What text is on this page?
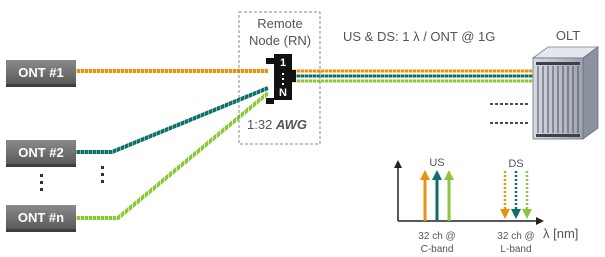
ONT #1
ONT #2
ONT #n
Remote
Node (RN)
1
N
1:32 AWG
US & DS: 1 λ / ONT @ 1G	OLT
US	DS
λ [nm]
32 ch @
C-band
32 ch @
L-band
